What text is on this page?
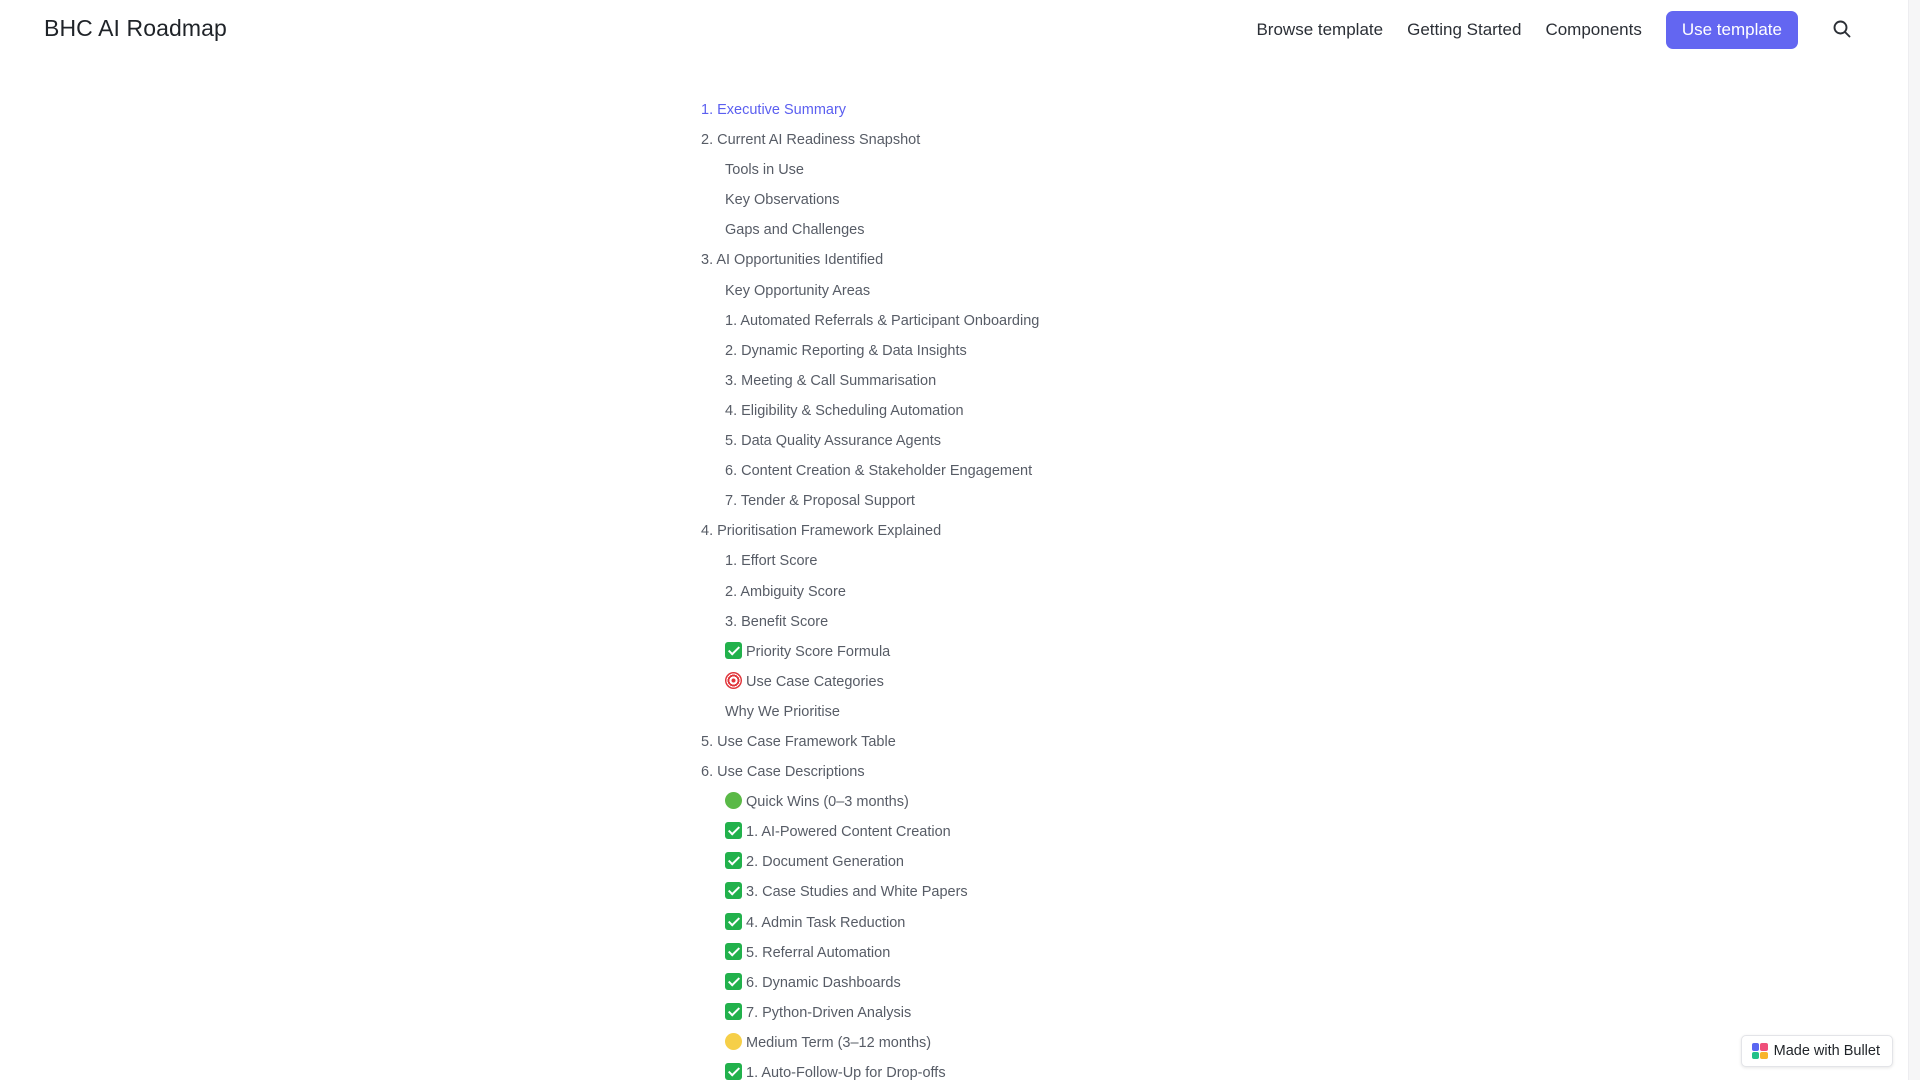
BHC AI Roadmap	Browse template Getting Started Components	Use template
1. Executive Summary
2. Current AI Readiness Snapshot
Tools in Use
Key Observations
Gaps and Challenges
3. AI Opportunities Identified
Key Opportunity Areas
1. Automated Referrals & Participant Onboarding
2. Dynamic Reporting & Data Insights
3. Meeting & Call Summarisation
4. Eligibility & Scheduling Automation
5. Data Quality Assurance Agents
6. Content Creation & Stakeholder Engagement
7. Tender & Proposal Support
4. Prioritisation Framework Explained
1. Effort Score
2. Ambiguity Score
3. Benefit Score
Priority Score Formula
Use Case Categories
Why We Prioritise
5. Use Case Framework Table
6. Use Case Descriptions
Quick Wins (0–3 months)
1. AI-Powered Content Creation
2. Document Generation
3. Case Studies and White Papers
4. Admin Task Reduction
5. Referral Automation
6. Dynamic Dashboards
7. Python-Driven Analysis
Medium Term (3–12 months)
1. Auto-Follow-Up for Drop-offs
Made with Bullet
